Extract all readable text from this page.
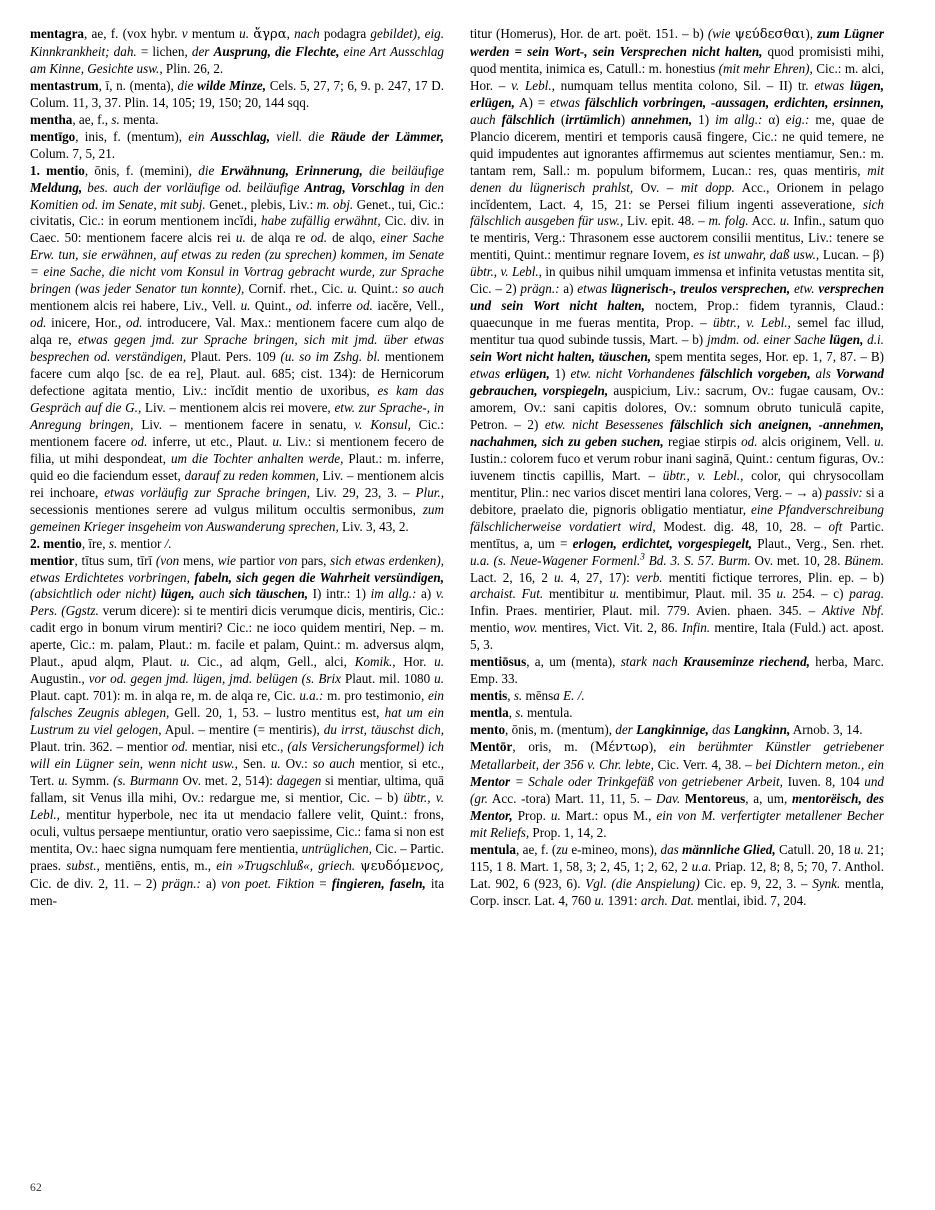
mentagra, ae, f. (vox hybr. v mentum u. ἄγρα, nach podagra gebildet), eig. Kinnkrankheit; dah. = lichen, der Ausprung, die Flechte, eine Art Ausschlag am Kinne, Gesichte usw., Plin. 26, 2.

mentastrum, ī, n. (menta), die wilde Minze, Cels. 5, 27, 7; 6, 9. p. 247, 17 D. Colum. 11, 3, 37. Plin. 14, 105; 19, 150; 20, 144 sqq.

mentha, ae, f., s. menta.

mentīgo, inis, f. (mentum), ein Ausschlag, viell. die Räude der Lämmer, Colum. 7, 5, 21.

1. mentio, ōnis, f. (memini), die Erwähnung, Erinnerung, die beiläufige Meldung, bes. auch der vorläufige od. beiläufige Antrag, Vorschlag in den Komitien od. im Senate, mit subj. Genet., plebis, Liv.: m. obj. Genet., tui, Cic.: civitatis, Cic.: in eorum mentionem incĭdi, habe zufällig erwähnt, Cic. div. in Caec. 50: mentionem facere alcis rei u. de alqa re od. de alqo, einer Sache Erw. tun, sie erwähnen, auf etwas zu reden (zu sprechen) kommen, im Senate = eine Sache, die nicht vom Konsul in Vortrag gebracht wurde, zur Sprache bringen (was jeder Senator tun konnte), Cornif. rhet., Cic. u. Quint.: so auch mentionem alcis rei habere, Liv., Vell. u. Quint., od. inferre od. iacĕre, Vell., od. inicere, Hor., od. introducere, Val. Max.: mentionem facere cum alqo de alqa re, etwas gegen jmd. zur Sprache bringen, sich mit jmd. über etwas besprechen od. verständigen, Plaut. Pers. 109 (u. so im Zshg. bl. mentionem facere cum alqo [sc. de ea re], Plaut. aul. 685; cist. 134): de Hernicorum defectione agitata mentio, Liv.: incĭdit mentio de uxoribus, es kam das Gespräch auf die G., Liv. – mentionem alcis rei movere, etw. zur Sprache-, in Anregung bringen, Liv. – mentionem facere in senatu, v. Konsul, Cic.: mentionem facere od. inferre, ut etc., Plaut. u. Liv.: si mentionem fecero de filia, ut mihi despondeat, um die Tochter anhalten werde, Plaut.: m. inferre, quid eo die faciendum esset, darauf zu reden kommen, Liv. – mentionem alcis rei inchoare, etwas vorläufig zur Sprache bringen, Liv. 29, 23, 3. – Plur., secessionis mentiones serere ad vulgus militum occultis sermonibus, zum gemeinen Krieger insgeheim von Auswanderung sprechen, Liv. 3, 43, 2.

2. mentio, īre, s. mentior /.

mentior, tītus sum, tīrī (von mens, wie partior von pars, sich etwas erdenken), etwas Erdichtetes vorbringen, fabeln, sich gegen die Wahrheit versündigen, (absichtlich oder nicht) lügen, auch sich täuschen, I) intr.: 1) im allg.: a) v. Pers. (Ggstz. verum dicere): si te mentiri dicis verumque dicis, mentiris, Cic.: cadit ergo in bonum virum mentiri? Cic.: ne ioco quidem mentiri, Nep. – m. aperte, Cic.: m. palam, Plaut.: m. facile et palam, Quint.: m. adversus alqm, Plaut., apud alqm, Plaut. u. Cic., ad alqm, Gell., alci, Komik., Hor. u. Augustin., vor od. gegen jmd. lügen, jmd. belügen (s. Brix Plaut. mil. 1080 u. Plaut. capt. 701): m. in alqa re, m. de alqa re, Cic. u.a.: m. pro testimonio, ein falsches Zeugnis ablegen, Gell. 20, 1, 53. – lustro mentitus est, hat um ein Lustrum zu viel gelogen, Apul. – mentire (= mentiris), du irrst, täuschst dich, Plaut. trin. 362. – mentior od. mentiar, nisi etc., (als Versicherungsformel) ich will ein Lügner sein, wenn nicht usw., Sen. u. Ov.: so auch mentior, si etc., Tert. u. Symm. (s. Burmann Ov. met. 2, 514): dagegen si mentiar, ultima, quā fallam, sit Venus illa mihi, Ov.: redargue me, si mentior, Cic. – b) übtr., v. Lebl., mentitur hyperbole, nec ita ut mendacio fallere velit, Quint.: frons, oculi, vultus persaepe mentiuntur, oratio vero saepissime, Cic.: fama si non est mentita, Ov.: haec signa numquam fere mentientia, untrüglichen, Cic. – Partic. praes. subst., mentiēns, entis, m., ein »Trugschluß«, griech. ψευδόμενος, Cic. de div. 2, 11. – 2) prägn.: a) von poet. Fiktion = fingieren, faseln, ita men-

titur (Homerus), Hor. de art. poët. 151. – b) (wie ψεύδεσθαι), zum Lügner werden = sein Wort-, sein Versprechen nicht halten, quod promisisti mihi, quod mentita, inimica es, Catull.: m. honestius (mit mehr Ehren), Cic.: m. alci, Hor. – v. Lebl., numquam tellus mentita colono, Sil. – II) tr. etwas lügen, erlügen, A) = etwas fälschlich vorbringen, -aussagen, erdichten, ersinnen, auch fälschlich (irrtümlich) annehmen, 1) im allg.: α) eig.: me, quae de Plancio dicerem, mentiri et temporis causā fingere, Cic.: ne quid temere, ne quid impudentes aut ignorantes affirmemus aut scientes mentiamur, Sen.: m. tantam rem, Sall.: m. populum biformem, Lucan.: res, quas mentiris, mit denen du lügnerisch prahlst, Ov. – mit dopp. Acc., Orionem in pelago incĭdentem, Lact. 4, 15, 21: se Persei filium ingenti asseveratione, sich fälschlich ausgeben für usw., Liv. epit. 48. – m. folg. Acc. u. Infin., satum quo te mentiris, Verg.: Thrasonem esse auctorem consilii mentitus, Liv.: tenere se mentiti, Quint.: mentimur regnare Iovem, es ist unwahr, daß usw., Lucan. – β) übtr., v. Lebl., in quibus nihil umquam immensa et infinita vetustas mentita sit, Cic. – 2) prägn.: a) etwas lügnerisch-, treulos versprechen, etw. versprechen und sein Wort nicht halten, noctem, Prop.: fidem tyrannis, Claud.: quaecunque in me fueras mentita, Prop. – übtr., v. Lebl., semel fac illud, mentitur tua quod subinde tussis, Mart. – b) jmdm. od. einer Sache lügen, d.i. sein Wort nicht halten, täuschen, spem mentita seges, Hor. ep. 1, 7, 87. – B) etwas erlügen, 1) etw. nicht Vorhandenes fälschlich vorgeben, als Vorwand gebrauchen, vorspiegeln, auspicium, Liv.: sacrum, Ov.: fugae causam, Ov.: amorem, Ov.: sani capitis dolores, Ov.: somnum obruto tuniculā capite, Petron. – 2) etw. nicht Besessenes fälschlich sich aneignen, -annehmen, nachahmen, sich zu geben suchen, regiae stirpis od. alcis originem, Vell. u. Iustin.: colorem fuco et verum robur inani saginā, Quint.: centum figuras, Ov.: iuvenem tinctis capillis, Mart. – übtr., v. Lebl., color, qui chrysocollam mentitur, Plin.: nec varios discet mentiri lana colores, Verg. – → a) passiv: si a debitore, praelato die, pignoris obligatio mentiatur, eine Pfandverschreibung fälschlicherweise vordatiert wird, Modest. dig. 48, 10, 28. – oft Partic. mentītus, a, um = erlogen, erdichtet, vorgespiegelt, Plaut., Verg., Sen. rhet. u.a. (s. Neue-Wagener Formenl.$^3$ Bd. 3. S. 57. Burm. Ov. met. 10, 28. Bünem. Lact. 2, 16, 2 u. 4, 27, 17): verb. mentiti fictique terrores, Plin. ep. – b) archaist. Fut. mentibitur u. mentibimur, Plaut. mil. 35 u. 254. – c) parag. Infin. Praes. mentirier, Plaut. mil. 779. Avien. phaen. 345. – Aktive Nbf. mentio, wov. mentires, Vict. Vit. 2, 86. Infin. mentire, Itala (Fuld.) act. apost. 5, 3.

mentiōsus, a, um (menta), stark nach Krauseminze riechend, herba, Marc. Emp. 33.

mentis, s. mēnsa E. /.

mentla, s. mentula.

mento, ōnis, m. (mentum), der Langkinnige, das Langkinn, Arnob. 3, 14.

Mentōr, oris, m. (Μέντωρ), ein berühmter Künstler getriebener Metallarbeit, der 356 v. Chr. lebte, Cic. Verr. 4, 38. – bei Dichtern meton., ein Mentor = Schale oder Trinkgefäß von getriebener Arbeit, Iuven. 8, 104 und (gr. Acc. -tora) Mart. 11, 11, 5. – Dav. Mentoreus, a, um, mentorëisch, des Mentor, Prop. u. Mart.: opus M., ein von M. verfertigter metallener Becher mit Reliefs, Prop. 1, 14, 2.

mentula, ae, f. (zu e-mineo, mons), das männliche Glied, Catull. 20, 18 u. 21; 115, 1 8. Mart. 1, 58, 3; 2, 45, 1; 2, 62, 2 u.a. Priap. 12, 8; 8, 5; 70, 7. Anthol. Lat. 902, 6 (923, 6). Vgl. (die Anspielung) Cic. ep. 9, 22, 3. – Synk. mentla, Corp. inscr. Lat. 4, 760 u. 1391: arch. Dat. mentlai, ibid. 7, 204.

62
